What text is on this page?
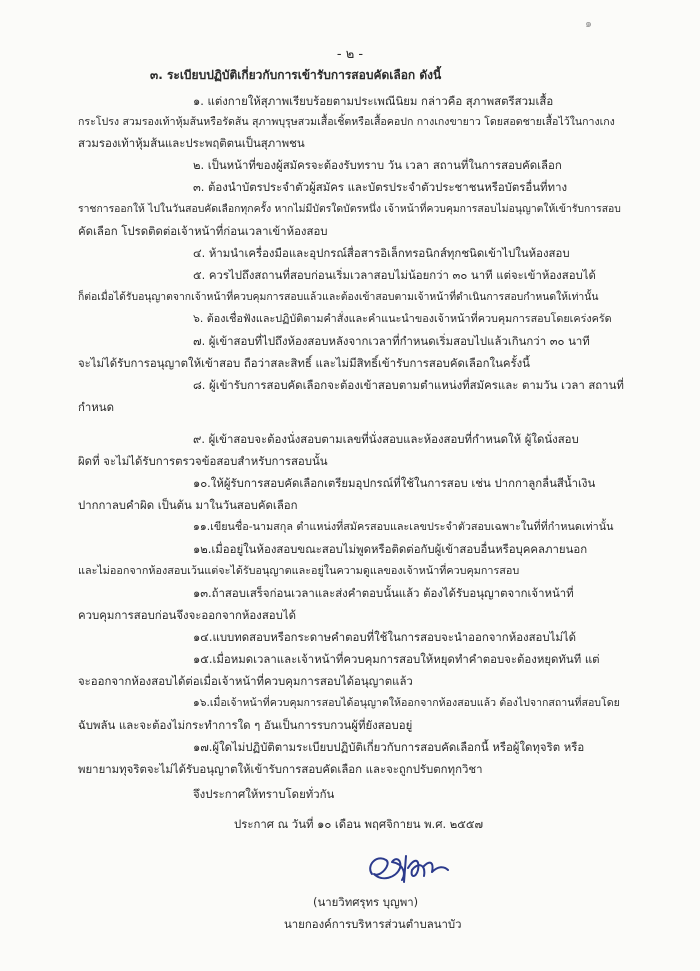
๑
- ๒ -
๓. ระเบียบปฏิบัติเกี่ยวกับการเข้ารับการสอบคัดเลือก ดังนี้
๑. แต่งกายให้สุภาพเรียบร้อยตามประเพณีนิยม กล่าวคือ สุภาพสตรีสวมเสื้อ
กระโปรง สวมรองเท้าหุ้มส้นหรือรัดส้น สุภาพบุรุษสวมเสื้อเชิ้ตหรือเสื้อคอปก กางเกงขายาว โดยสอดชายเสื้อไว้ในกางเกง
สวมรองเท้าหุ้มส้นและประพฤติตนเป็นสุภาพชน
๒. เป็นหน้าที่ของผู้สมัครจะต้องรับทราบ วัน เวลา สถานที่ในการสอบคัดเลือก
๓. ต้องนำบัตรประจำตัวผู้สมัคร และบัตรประจำตัวประชาชนหรือบัตรอื่นที่ทาง
ราชการออกให้ ไปในวันสอบคัดเลือกทุกครั้ง หากไม่มีบัตรใดบัตรหนึ่ง เจ้าหน้าที่ควบคุมการสอบไม่อนุญาตให้เข้ารับการสอบ
คัดเลือก โปรดติดต่อเจ้าหน้าที่ก่อนเวลาเข้าห้องสอบ
๔. ห้ามนำเครื่องมือและอุปกรณ์สื่อสารอิเล็กทรอนิกส์ทุกชนิดเข้าไปในห้องสอบ
๕. ควรไปถึงสถานที่สอบก่อนเริ่มเวลาสอบไม่น้อยกว่า ๓๐ นาที แต่จะเข้าห้องสอบได้
ก็ต่อเมื่อได้รับอนุญาตจากเจ้าหน้าที่ควบคุมการสอบแล้วและต้องเข้าสอบตามเจ้าหน้าที่ดำเนินการสอบกำหนดให้เท่านั้น
๖. ต้องเชื่อฟังและปฏิบัติตามคำสั่งและคำแนะนำของเจ้าหน้าที่ควบคุมการสอบโดยเคร่งครัด
๗. ผู้เข้าสอบที่ไปถึงห้องสอบหลังจากเวลาที่กำหนดเริ่มสอบไปแล้วเกินกว่า ๓๐ นาที
จะไม่ได้รับการอนุญาตให้เข้าสอบ ถือว่าสละสิทธิ์ และไม่มีสิทธิ์เข้ารับการสอบคัดเลือกในครั้งนี้
๘. ผู้เข้ารับการสอบคัดเลือกจะต้องเข้าสอบตามตำแหน่งที่สมัครและ ตามวัน เวลา สถานที่
กำหนด
๙. ผู้เข้าสอบจะต้องนั่งสอบตามเลขที่นั่งสอบและห้องสอบที่กำหนดให้ ผู้ใดนั่งสอบ
ผิดที่ จะไม่ได้รับการตรวจข้อสอบสำหรับการสอบนั้น
๑๐.ให้ผู้รับการสอบคัดเลือกเตรียมอุปกรณ์ที่ใช้ในการสอบ เช่น ปากกาลูกลื่นสีน้ำเงิน
ปากกาลบคำผิด เป็นต้น มาในวันสอบคัดเลือก
๑๑.เขียนชื่อ-นามสกุล ตำแหน่งที่สมัครสอบและเลขประจำตัวสอบเฉพาะในที่ที่กำหนดเท่านั้น
๑๒.เมื่ออยู่ในห้องสอบขณะสอบไม่พูดหรือติดต่อกับผู้เข้าสอบอื่นหรือบุคคลภายนอก
และไม่ออกจากห้องสอบเว้นแต่จะได้รับอนุญาตและอยู่ในความดูแลของเจ้าหน้าที่ควบคุมการสอบ
๑๓.ถ้าสอบเสร็จก่อนเวลาและส่งคำตอบนั้นแล้ว ต้องได้รับอนุญาตจากเจ้าหน้าที่
ควบคุมการสอบก่อนจึงจะออกจากห้องสอบได้
๑๔.แบบทดสอบหรือกระดาษคำตอบที่ใช้ในการสอบจะนำออกจากห้องสอบไม่ได้
๑๕.เมื่อหมดเวลาและเจ้าหน้าที่ควบคุมการสอบให้หยุดทำคำตอบจะต้องหยุดทันที แต่
จะออกจากห้องสอบได้ต่อเมื่อเจ้าหน้าที่ควบคุมการสอบได้อนุญาตแล้ว
๑๖.เมื่อเจ้าหน้าที่ควบคุมการสอบได้อนุญาตให้ออกจากห้องสอบแล้ว ต้องไปจากสถานที่สอบโดย
ฉับพลัน และจะต้องไม่กระทำการใด ๆ อันเป็นการรบกวนผู้ที่ยังสอบอยู่
๑๗.ผู้ใดไม่ปฏิบัติตามระเบียบปฏิบัติเกี่ยวกับการสอบคัดเลือกนี้ หรือผู้ใดทุจริต หรือ
พยายามทุจริตจะไม่ได้รับอนุญาตให้เข้ารับการสอบคัดเลือก และจะถูกปรับตกทุกวิชา
จึงประกาศให้ทราบโดยทั่วกัน
ประกาศ ณ วันที่ ๑๐ เดือน พฤศจิกายน พ.ศ. ๒๕๕๗
(นายวิทศรุทร บุญพา)
นายกองค์การบริหารส่วนตำบลนาบัว
